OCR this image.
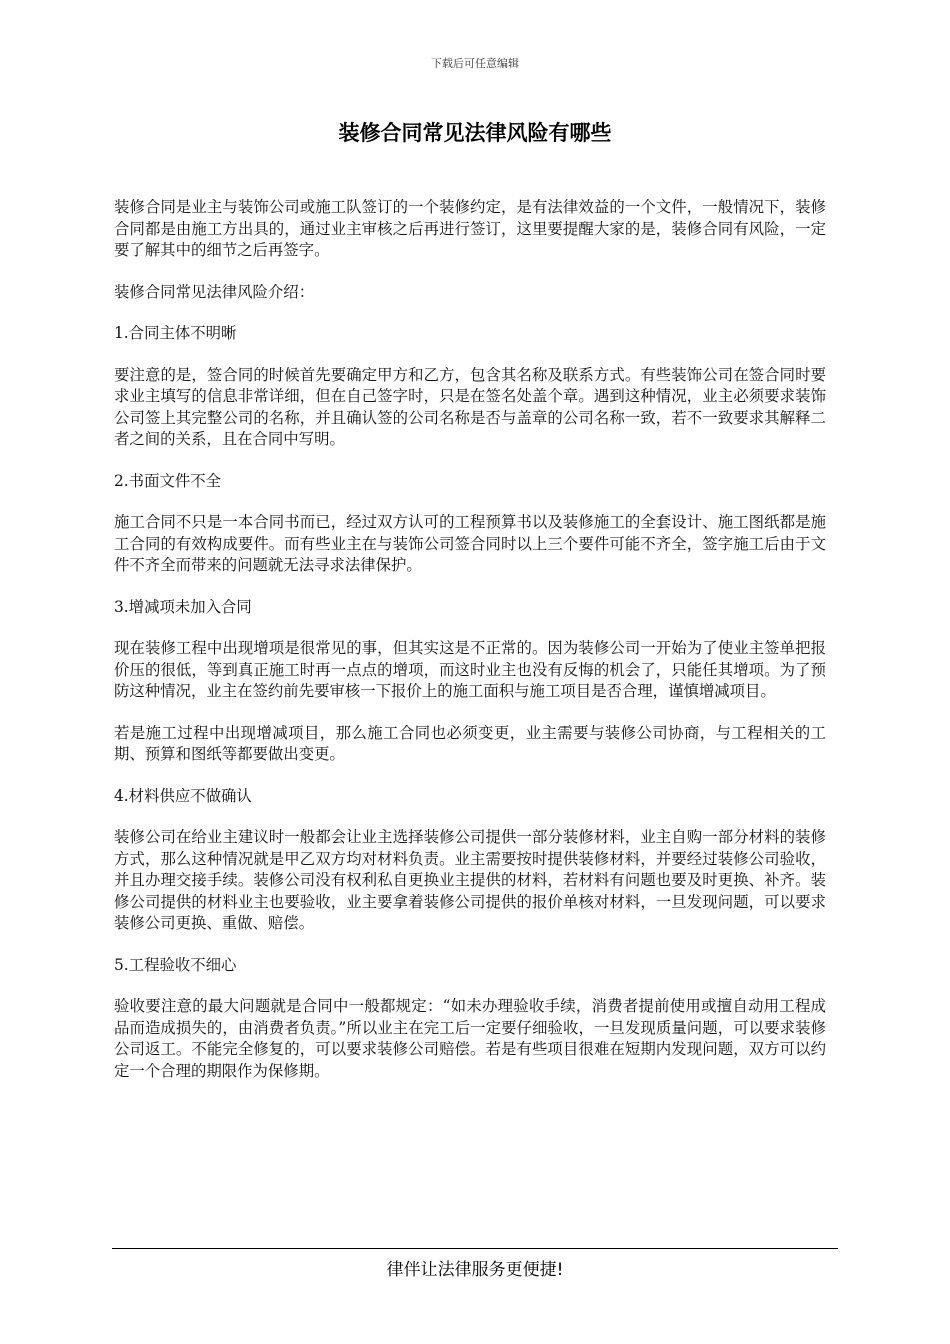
下载后可任意编辑
装修合同常见法律风险有哪些

装修合同是业主与装饰公司或施工队签订的一个装修约定，是有法律效益的一个文件，一般情况下，装修合同都是由施工方出具的，通过业主审核之后再进行签订，这里要提醒大家的是，装修合同有风险，一定要了解其中的细节之后再签字。

装修合同常见法律风险介绍：

1.合同主体不明晰

要注意的是，签合同的时候首先要确定甲方和乙方，包含其名称及联系方式。有些装饰公司在签合同时要求业主填写的信息非常详细，但在自己签字时，只是在签名处盖个章。遇到这种情况，业主必须要求装饰公司签上其完整公司的名称，并且确认签的公司名称是否与盖章的公司名称一致，若不一致要求其解释二者之间的关系，且在合同中写明。

2.书面文件不全

施工合同不只是一本合同书而已，经过双方认可的工程预算书以及装修施工的全套设计、施工图纸都是施工合同的有效构成要件。而有些业主在与装饰公司签合同时以上三个要件可能不齐全，签字施工后由于文件不齐全而带来的问题就无法寻求法律保护。

3.增减项未加入合同

现在装修工程中出现增项是很常见的事，但其实这是不正常的。因为装修公司一开始为了使业主签单把报价压的很低，等到真正施工时再一点点的增项，而这时业主也没有反悔的机会了，只能任其增项。为了预防这种情况，业主在签约前先要审核一下报价上的施工面积与施工项目是否合理，谨慎增减项目。

若是施工过程中出现增减项目，那么施工合同也必须变更，业主需要与装修公司协商，与工程相关的工期、预算和图纸等都要做出变更。

4.材料供应不做确认

装修公司在给业主建议时一般都会让业主选择装修公司提供一部分装修材料，业主自购一部分材料的装修方式，那么这种情况就是甲乙双方均对材料负责。业主需要按时提供装修材料，并要经过装修公司验收，并且办理交接手续。装修公司没有权利私自更换业主提供的材料，若材料有问题也要及时更换、补齐。装修公司提供的材料业主也要验收，业主要拿着装修公司提供的报价单核对材料，一旦发现问题，可以要求装修公司更换、重做、赔偿。

5.工程验收不细心

验收要注意的最大问题就是合同中一般都规定：“如未办理验收手续，消费者提前使用或擅自动用工程成品而造成损失的，由消费者负责。”所以业主在完工后一定要仔细验收，一旦发现质量问题，可以要求装修公司返工。不能完全修复的，可以要求装修公司赔偿。若是有些项目很难在短期内发现问题，双方可以约定一个合理的期限作为保修期。

律伴让法律服务更便捷!
